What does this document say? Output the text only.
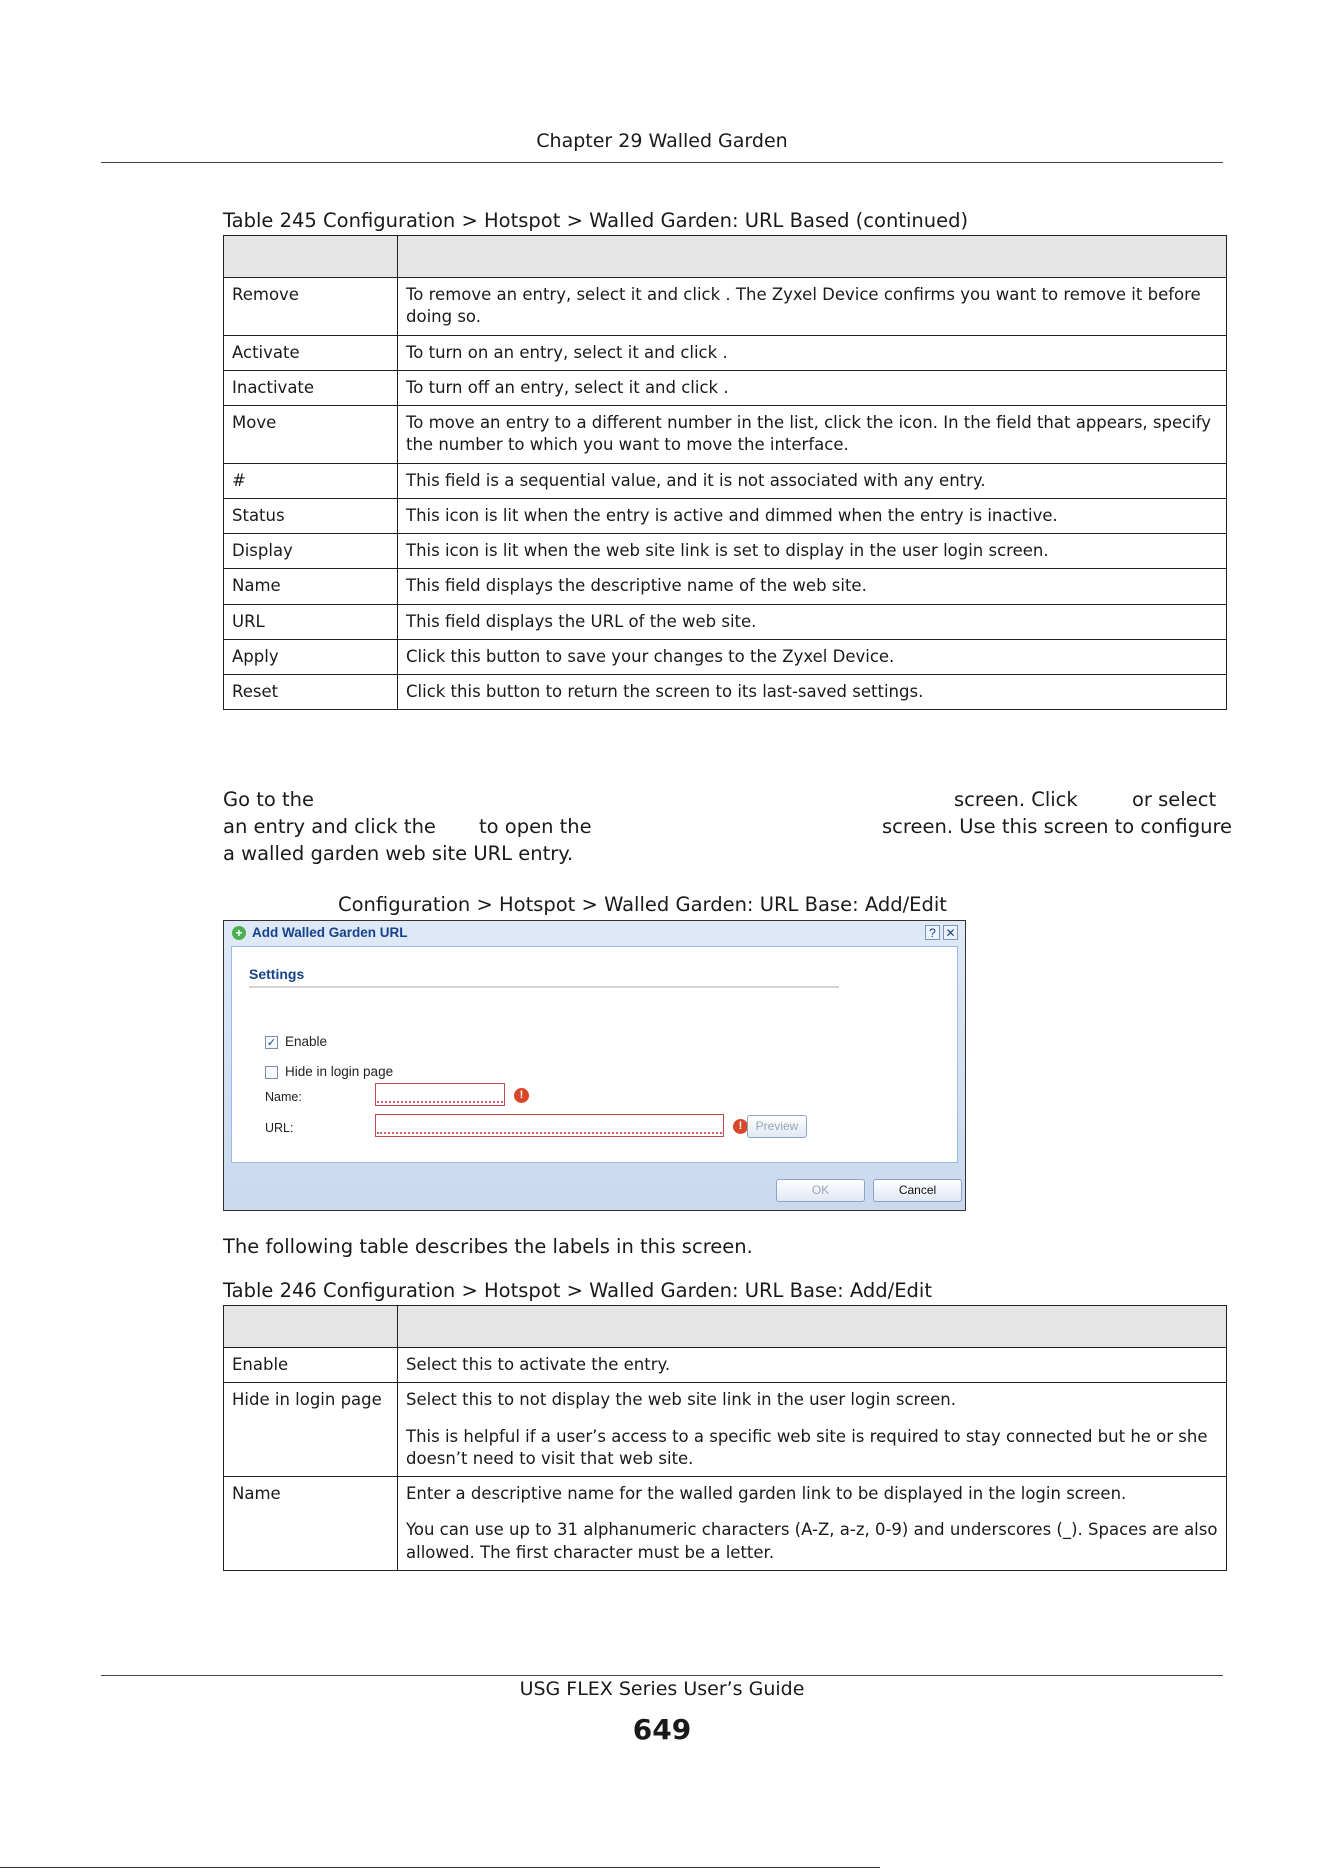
Chapter 29 Walled Garden
Table 245 Configuration > Hotspot > Walled Garden: URL Based (continued)

Remove	To remove an entry, select it and click . The Zyxel Device confirms you want to remove it before doing so.
Activate	To turn on an entry, select it and click .
Inactivate	To turn off an entry, select it and click .
Move	To move an entry to a different number in the list, click the icon. In the field that appears, specify the number to which you want to move the interface.
#	This field is a sequential value, and it is not associated with any entry.
Status	This icon is lit when the entry is active and dimmed when the entry is inactive.
Display	This icon is lit when the web site link is set to display in the user login screen.
Name	This field displays the descriptive name of the web site.
URL	This field displays the URL of the web site.
Apply	Click this button to save your changes to the Zyxel Device.
Reset	Click this button to return the screen to its last-saved settings.
Go to the	screen. Click	or select
an entry and click the to open the	screen. Use this screen to configure
a walled garden web site URL entry.
Configuration > Hotspot > Walled Garden: URL Base: Add/Edit
+ Add Walled Garden URL	? ✕
Settings
✓ Enable
Hide in login page
Name:	!
URL:	!	Preview
OK	Cancel
The following table describes the labels in this screen.
Table 246 Configuration > Hotspot > Walled Garden: URL Base: Add/Edit

Enable	Select this to activate the entry.

Hide in login page	Select this to not display the web site link in the user login screen.

This is helpful if a user’s access to a specific web site is required to stay connected but he or she doesn’t need to visit that web site.

Name	Enter a descriptive name for the walled garden link to be displayed in the login screen.

You can use up to 31 alphanumeric characters (A-Z, a-z, 0-9) and underscores (_). Spaces are also allowed. The first character must be a letter.

USG FLEX Series User’s Guide
649
